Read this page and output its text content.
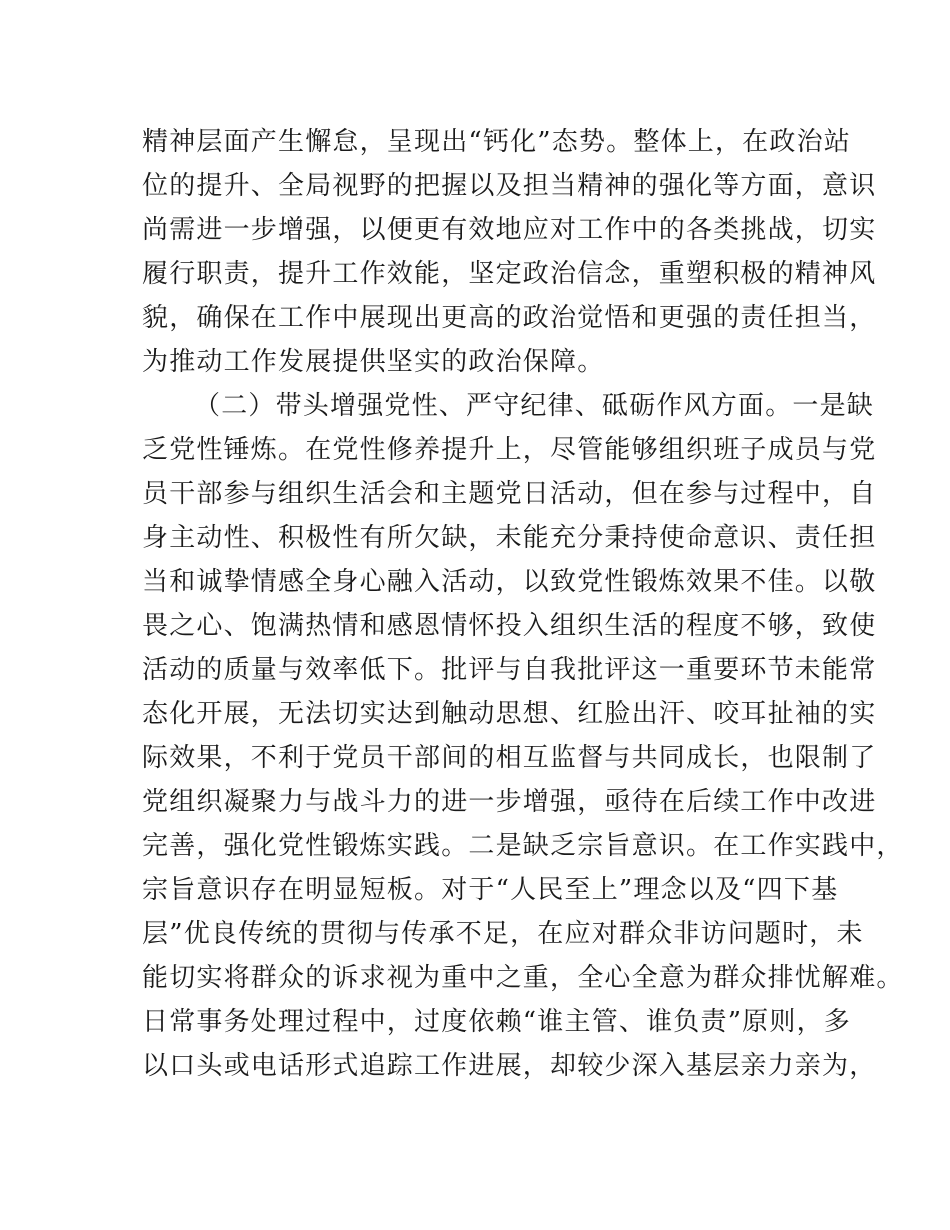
精神层面产生懈怠，呈现出“钙化”态势。整体上，在政治站
位的提升、全局视野的把握以及担当精神的强化等方面，意识
尚需进一步增强，以便更有效地应对工作中的各类挑战，切实
履行职责，提升工作效能，坚定政治信念，重塑积极的精神风
貌，确保在工作中展现出更高的政治觉悟和更强的责任担当，
为推动工作发展提供坚实的政治保障。
（二）带头增强党性、严守纪律、砥砺作风方面。一是缺
乏党性锤炼。在党性修养提升上，尽管能够组织班子成员与党
员干部参与组织生活会和主题党日活动，但在参与过程中，自
身主动性、积极性有所欠缺，未能充分秉持使命意识、责任担
当和诚挚情感全身心融入活动，以致党性锻炼效果不佳。以敬
畏之心、饱满热情和感恩情怀投入组织生活的程度不够，致使
活动的质量与效率低下。批评与自我批评这一重要环节未能常
态化开展，无法切实达到触动思想、红脸出汗、咬耳扯袖的实
际效果，不利于党员干部间的相互监督与共同成长，也限制了
党组织凝聚力与战斗力的进一步增强，亟待在后续工作中改进
完善，强化党性锻炼实践。二是缺乏宗旨意识。在工作实践中，
宗旨意识存在明显短板。对于“人民至上”理念以及“四下基
层”优良传统的贯彻与传承不足，在应对群众非访问题时，未
能切实将群众的诉求视为重中之重，全心全意为群众排忧解难。
日常事务处理过程中，过度依赖“谁主管、谁负责”原则，多
以口头或电话形式追踪工作进展，却较少深入基层亲力亲为，
